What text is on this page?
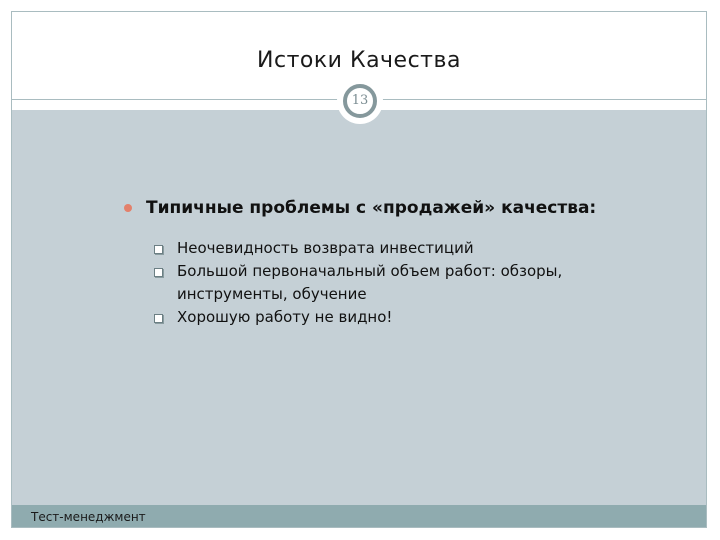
Истоки Качества
13
Типичные проблемы с «продажей» качества:
Неочевидность возврата инвестиций
Большой первоначальный объем работ: обзоры, инструменты, обучение
Хорошую работу не видно!
Тест-менеджмент
